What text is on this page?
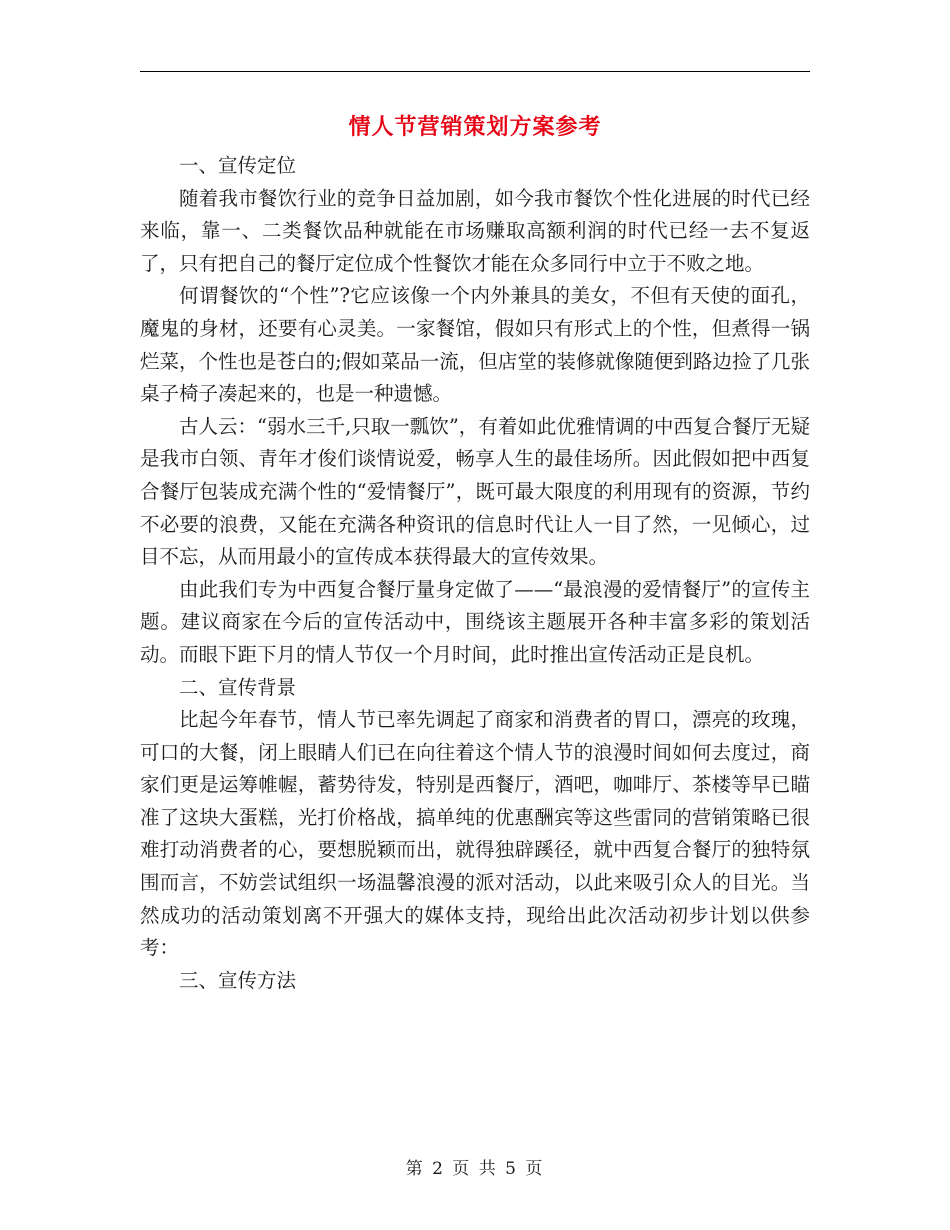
情人节营销策划方案参考

一、宣传定位

随着我市餐饮行业的竞争日益加剧，如今我市餐饮个性化进展的时代已经来临，靠一、二类餐饮品种就能在市场赚取高额利润的时代已经一去不复返了，只有把自己的餐厅定位成个性餐饮才能在众多同行中立于不败之地。

何谓餐饮的“个性”?它应该像一个内外兼具的美女，不但有天使的面孔，魔鬼的身材，还要有心灵美。一家餐馆，假如只有形式上的个性，但煮得一锅烂菜，个性也是苍白的;假如菜品一流，但店堂的装修就像随便到路边捡了几张桌子椅子凑起来的，也是一种遗憾。

古人云：“弱水三千,只取一瓢饮”，有着如此优雅情调的中西复合餐厅无疑是我市白领、青年才俊们谈情说爱，畅享人生的最佳场所。因此假如把中西复合餐厅包装成充满个性的“爱情餐厅”，既可最大限度的利用现有的资源，节约不必要的浪费，又能在充满各种资讯的信息时代让人一目了然，一见倾心，过目不忘，从而用最小的宣传成本获得最大的宣传效果。

由此我们专为中西复合餐厅量身定做了——“最浪漫的爱情餐厅”的宣传主题。建议商家在今后的宣传活动中，围绕该主题展开各种丰富多彩的策划活动。而眼下距下月的情人节仅一个月时间，此时推出宣传活动正是良机。

二、宣传背景

比起今年春节，情人节已率先调起了商家和消费者的胃口，漂亮的玫瑰，可口的大餐，闭上眼睛人们已在向往着这个情人节的浪漫时间如何去度过，商家们更是运筹帷幄，蓄势待发，特别是西餐厅，酒吧，咖啡厅、茶楼等早已瞄准了这块大蛋糕，光打价格战，搞单纯的优惠酬宾等这些雷同的营销策略已很难打动消费者的心，要想脱颖而出，就得独辟蹊径，就中西复合餐厅的独特氛围而言，不妨尝试组织一场温馨浪漫的派对活动，以此来吸引众人的目光。当然成功的活动策划离不开强大的媒体支持，现给出此次活动初步计划以供参考：

三、宣传方法

第 2 页 共 5 页
